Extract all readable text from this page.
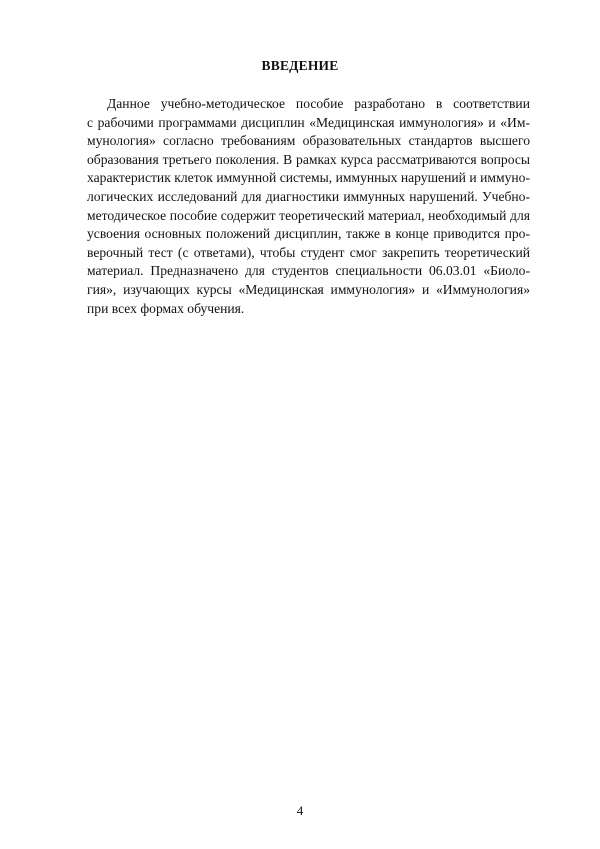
ВВЕДЕНИЕ
Данное учебно-методическое пособие разработано в соответствии
с рабочими программами дисциплин «Медицинская иммунология» и «Им-
мунология» согласно требованиям образовательных стандартов высшего
образования третьего поколения. В рамках курса рассматриваются вопросы
характеристик клеток иммунной системы, иммунных нарушений и иммуно-
логических исследований для диагностики иммунных нарушений. Учебно-
методическое пособие содержит теоретический материал, необходимый для
усвоения основных положений дисциплин, также в конце приводится про-
верочный тест (с ответами), чтобы студент смог закрепить теоретический
материал. Предназначено для студентов специальности 06.03.01 «Биоло-
гия», изучающих курсы «Медицинская иммунология» и «Иммунология»
при всех формах обучения.
4
